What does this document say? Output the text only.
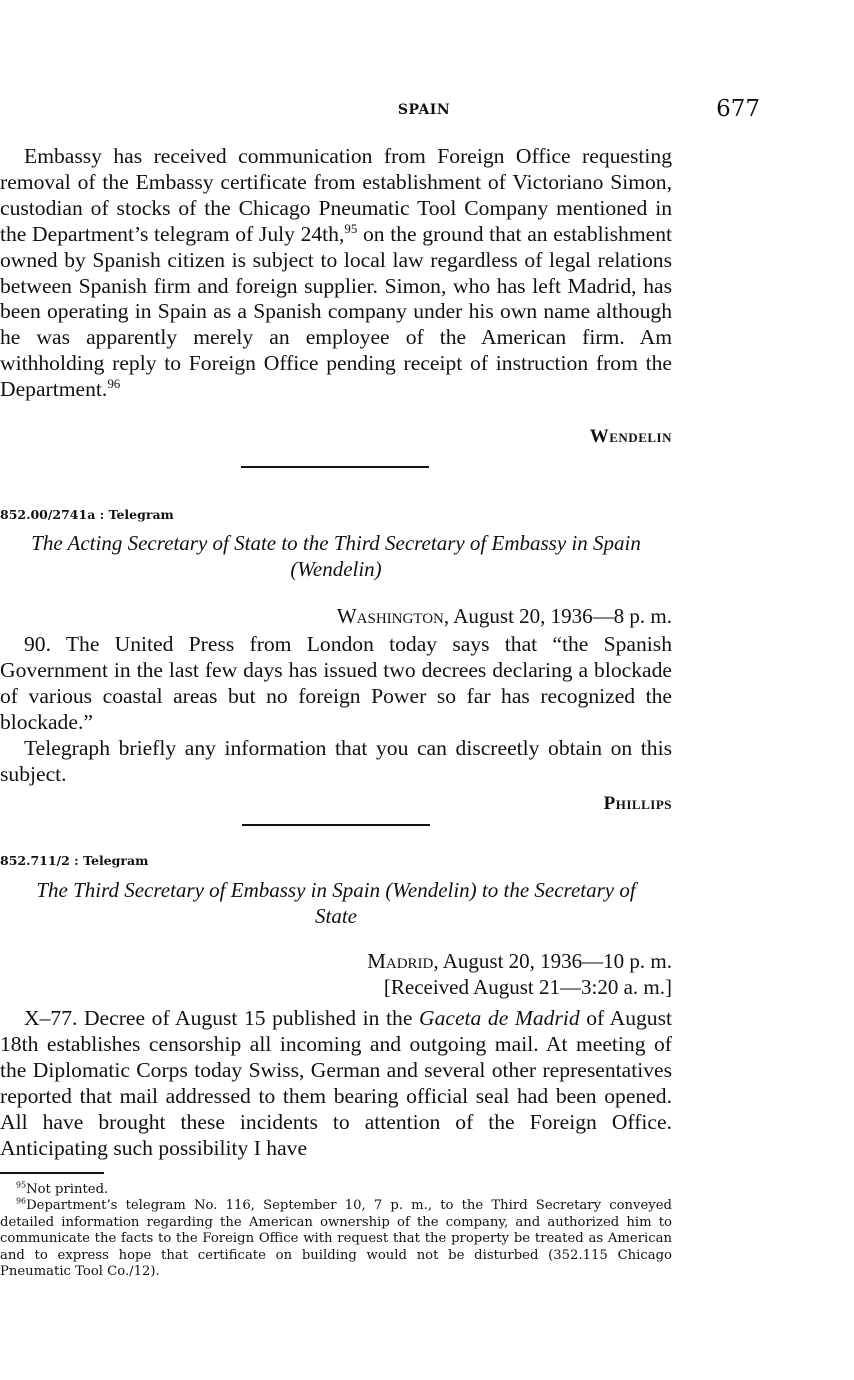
SPAIN	677

Embassy has received communication from Foreign Office requesting removal of the Embassy certificate from establishment of Victoriano Simon, custodian of stocks of the Chicago Pneumatic Tool Company mentioned in the Department’s telegram of July 24th,$^{95}$ on the ground that an establishment owned by Spanish citizen is subject to local law regardless of legal relations between Spanish firm and foreign supplier. Simon, who has left Madrid, has been operating in Spain as a Spanish company under his own name although he was apparently merely an employee of the American firm. Am withholding reply to Foreign Office pending receipt of instruction from the Department.$^{96}$

Wendelin
852.00/2741a : Telegram

The Acting Secretary of State to the Third Secretary of Embassy in Spain (Wendelin)

Washington, August 20, 1936—8 p. m.

90. The United Press from London today says that “the Spanish Government in the last few days has issued two decrees declaring a blockade of various coastal areas but no foreign Power so far has recognized the blockade.”

Telegraph briefly any information that you can discreetly obtain on this subject.

Phillips
852.711/2 : Telegram

The Third Secretary of Embassy in Spain (Wendelin) to the Secretary of State

Madrid, August 20, 1936—10 p. m.
[Received August 21—3:20 a. m.]

X–77. Decree of August 15 published in the Gaceta de Madrid of August 18th establishes censorship all incoming and outgoing mail. At meeting of the Diplomatic Corps today Swiss, German and several other representatives reported that mail addressed to them bearing official seal had been opened. All have brought these incidents to attention of the Foreign Office. Anticipating such possibility I have

$^{95}$Not printed.
$^{96}$Department’s telegram No. 116, September 10, 7 p. m., to the Third Secretary conveyed detailed information regarding the American ownership of the company, and authorized him to communicate the facts to the Foreign Office with request that the property be treated as American and to express hope that certificate on building would not be disturbed (352.115 Chicago Pneumatic Tool Co./12).
